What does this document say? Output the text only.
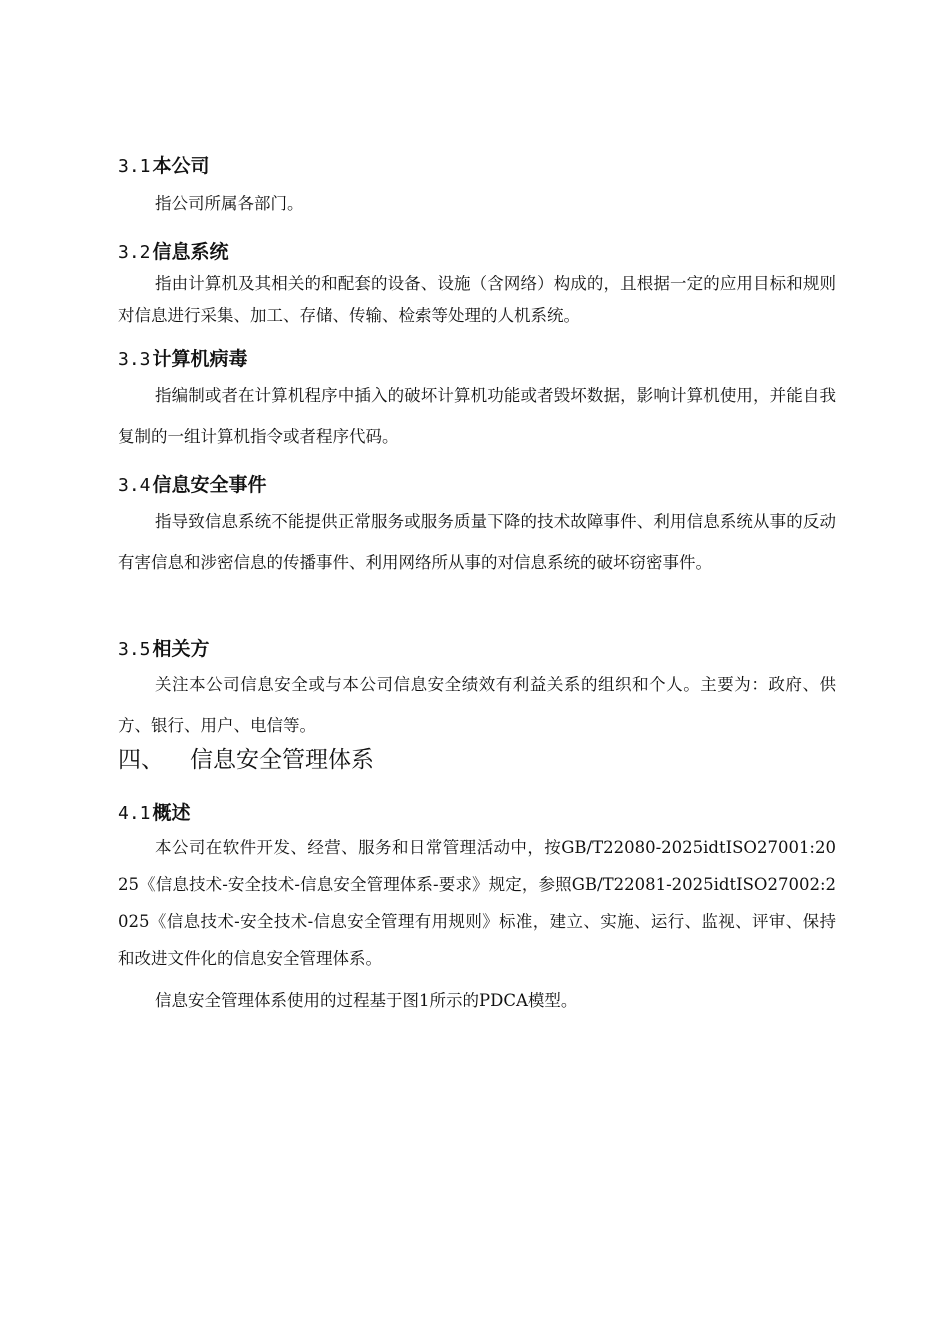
3.1 本公司
指公司所属各部门。
3.2 信息系统
指由计算机及其相关的和配套的设备、设施（含网络）构成的，且根据一定的应用目标和规则对信息进行采集、加工、存储、传输、检索等处理的人机系统。
3.3 计算机病毒
指编制或者在计算机程序中插入的破坏计算机功能或者毁坏数据，影响计算机使用，并能自我复制的一组计算机指令或者程序代码。
3.4 信息安全事件
指导致信息系统不能提供正常服务或服务质量下降的技术故障事件、利用信息系统从事的反动有害信息和涉密信息的传播事件、利用网络所从事的对信息系统的破坏窃密事件。
3.5 相关方
关注本公司信息安全或与本公司信息安全绩效有利益关系的组织和个人。主要为：政府、供方、银行、用户、电信等。
四、 信息安全管理体系
4.1 概述
本公司在软件开发、经营、服务和日常管理活动中，按GB/T22080-2025idtISO27001:2025《信息技术-安全技术-信息安全管理体系-要求》规定，参照GB/T22081-2025idtISO27002:2025《信息技术-安全技术-信息安全管理有用规则》标准，建立、实施、运行、监视、评审、保持和改进文件化的信息安全管理体系。
信息安全管理体系使用的过程基于图1所示的PDCA模型。
